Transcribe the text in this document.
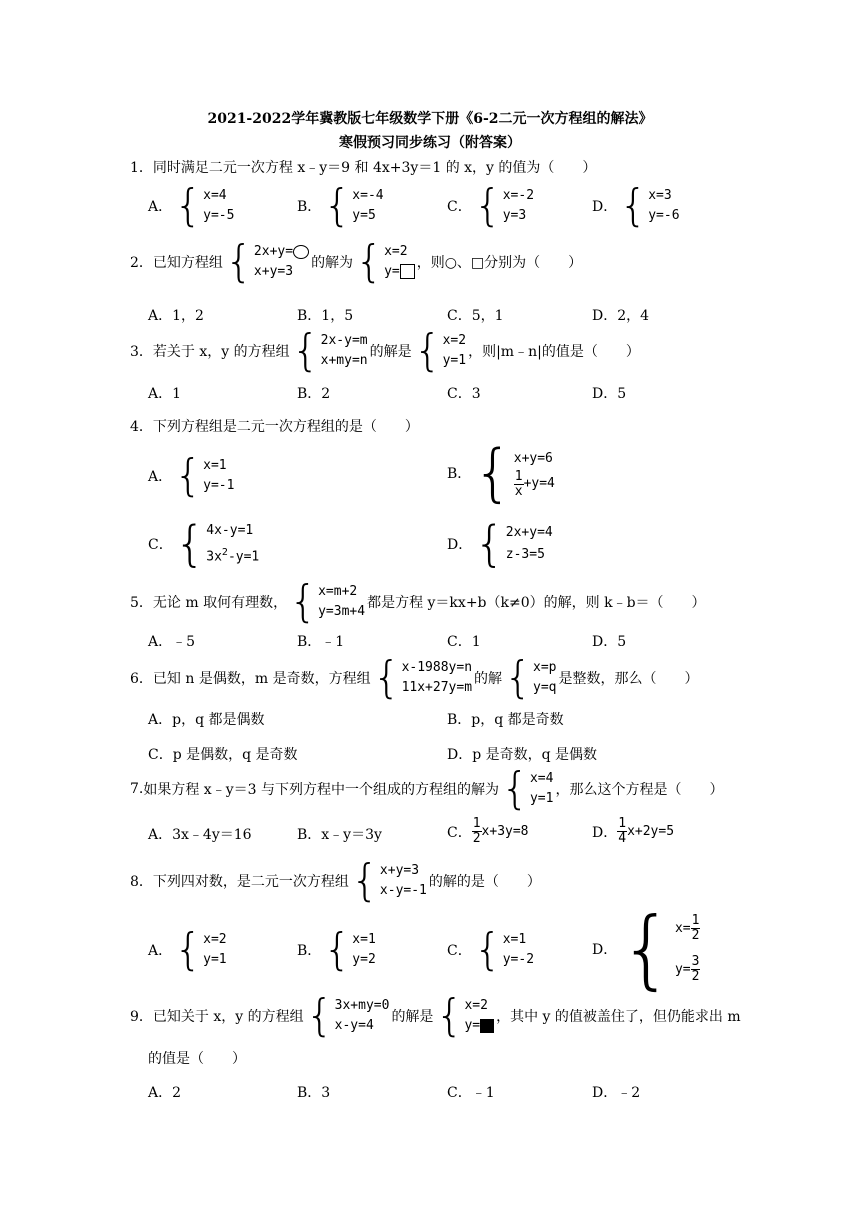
2021-2022学年冀教版七年级数学下册《6-2二元一次方程组的解法》
寒假预习同步练习（附答案）
1． 同时满足二元一次方程 x﹣y＝9 和 4x+3y＝1 的 x，y 的值为（　　）
A． { x=4
y=-5
B． { x=-4
y=5
C． { x=-2
y=3
D． { x=3
y=-6
2． 已知方程组 { 2x+y=
x+y=3
的解为 { x=2
y=
，则○、□分别为（　　）
A．1，2	B．1，5	C．5，1	D．2，4
3． 若关于 x，y 的方程组 { 2x-y=m
x+my=n
的解是 { x=2
y=1
，则|m﹣n|的值是（　　）
A．1	B．2	C．3	D．5
4． 下列方程组是二元一次方程组的是（　　）
A． { x=1
y=-1
B． { x+y=6
$\frac{1}{x} +y=4$
C． { 4x-y=1
$3x^2-y=1$
D． { 2x+y=4
z-3=5
5． 无论 m 取何有理数， { x=m+2
y=3m+4
都是方程 y＝kx+b（k≠0）的解，则 k﹣b＝（　　）
A．﹣5	B．﹣1	C．1	D．5
6． 已知 n 是偶数，m 是奇数，方程组 { x-1988y=n
11x+27y=m
的解 { x=p
y=q
是整数，那么（　　）
A．p，q 都是偶数	B．p，q 都是奇数
C．p 是偶数，q 是奇数	D．p 是奇数，q 是偶数
7. 如果方程 x﹣y＝3 与下列方程中一个组成的方程组的解为 { x=4
y=1
，那么这个方程是（　　）
A．3x﹣4y＝16	B．x﹣y＝3y	C． $\frac{1}{2} x+3y=8$	D． $\frac{1}{4} x+2y=5$
8． 下列四对数，是二元一次方程组 { x+y=3
x-y=-1
的解的是（　　）
A． { x=2
y=1
B． { x=1
y=2
C． { x=1
y=-2
D． { $x= \frac{1}{2}$
$y= \frac{3}{2}$
9． 已知关于 x，y 的方程组 { 3x+my=0
x-y=4
的解是 { x=2
y=
，其中 y 的值被盖住了，但仍能求出 m
的值是（　　）
A．2	B．3	C．﹣1	D．﹣2
